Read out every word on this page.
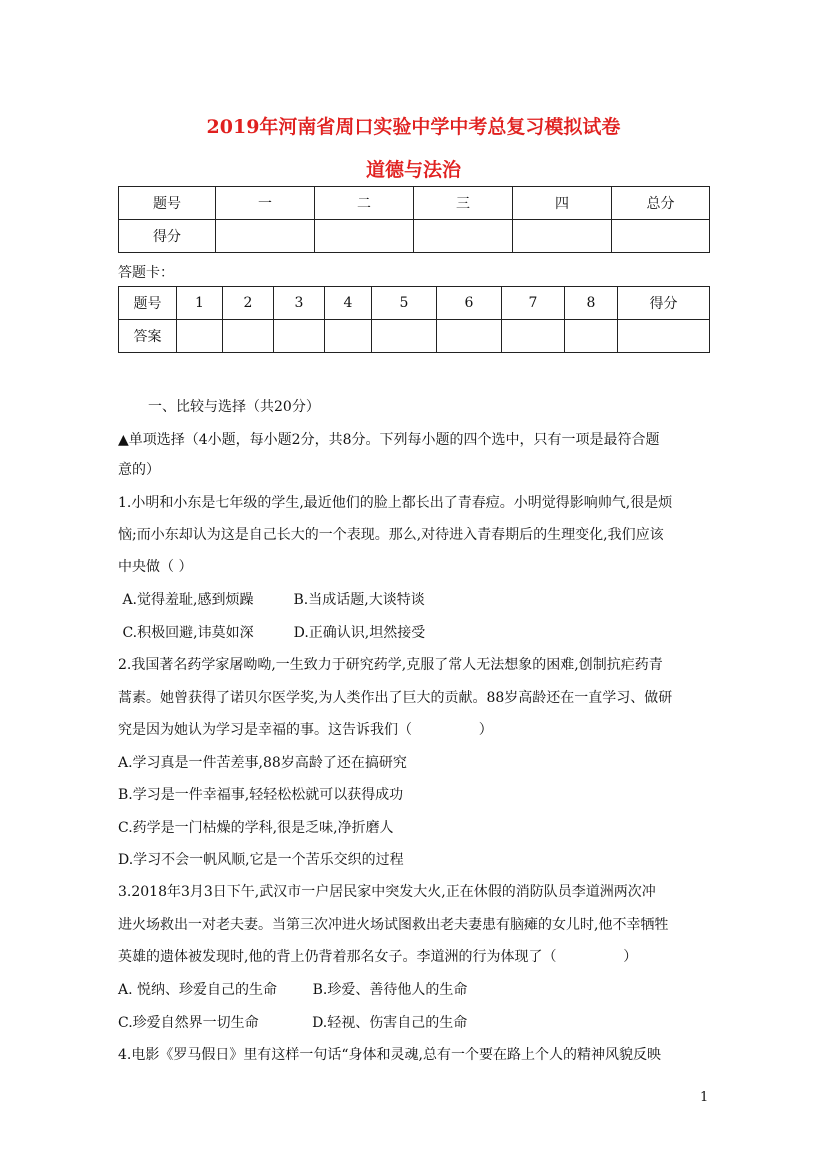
2019年河南省周口实验中学中考总复习模拟试卷
道德与法治
题号	一	二	三	四	总分
得分					
答题卡：
题号	1	2	3	4	5	6	7	8	得分
答案									
一、比较与选择（共20分）
▲单项选择（4小题，每小题2分，共8分。下列每小题的四个选中，只有一项是最符合题
意的）
1.小明和小东是七年级的学生,最近他们的脸上都长出了青春痘。小明觉得影响帅气,很是烦
恼;而小东却认为这是自己长大的一个表现。那么,对待进入青春期后的生理变化,我们应该
中央做（ ）
A.觉得羞耻,感到烦躁         B.当成话题,大谈特谈
C.积极回避,讳莫如深         D.正确认识,坦然接受
2.我国著名药学家屠呦呦,一生致力于研究药学,克服了常人无法想象的困难,创制抗疟药青
蒿素。她曾获得了诺贝尔医学奖,为人类作出了巨大的贡献。88岁高龄还在一直学习、做研
究是因为她认为学习是幸福的事。这告诉我们（               ）
A.学习真是一件苦差事,88岁高龄了还在搞研究
B.学习是一件幸福事,轻轻松松就可以获得成功
C.药学是一门枯燥的学科,很是乏味,净折磨人
D.学习不会一帆风顺,它是一个苦乐交织的过程
3.2018年3月3日下午,武汉市一户居民家中突发大火,正在休假的消防队员李道洲两次冲
进火场救出一对老夫妻。当第三次冲进火场试图救出老夫妻患有脑瘫的女儿时,他不幸牺牲
英雄的遗体被发现时,他的背上仍背着那名女子。李道洲的行为体现了（               ）
A. 悦纳、珍爱自己的生命        B.珍爱、善待他人的生命
C.珍爱自然界一切生命            D.轻视、伤害自己的生命
4.电影《罗马假日》里有这样一句话“身体和灵魂,总有一个要在路上个人的精神风貌反映
1
